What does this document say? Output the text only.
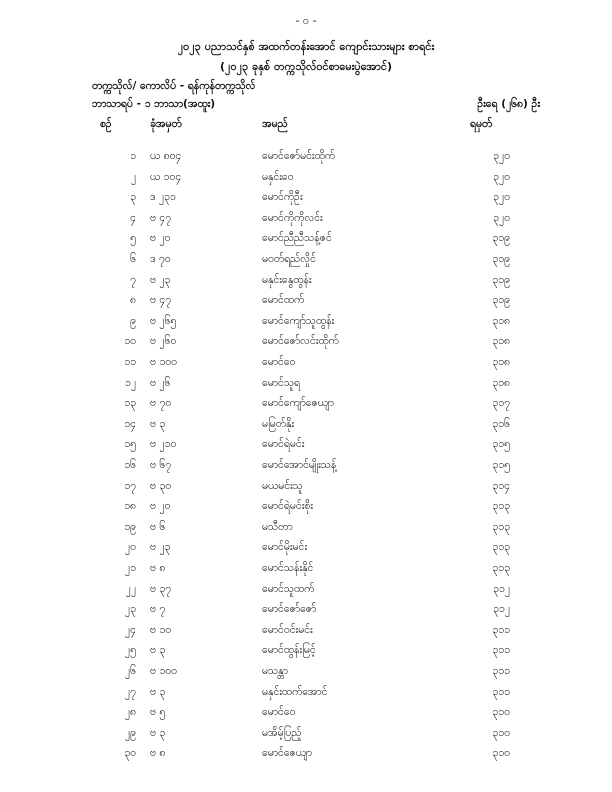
- ၀ -
၂၀၂၃ ပညာသင်နှစ် အထက်တန်းအောင် ကျောင်းသားများ စာရင်း
(၂၀၂၃ ခုနှစ် တက္ကသိုလ်ဝင်စာမေးပွဲအောင်)
တက္ကသိုလ်/ ကောလိပ် - ရန်ကုန်တက္ကသိုလ်
ဘာသာရပ် - ၁ ဘာသာ(အထူး)	ဦးရေ (၂၆၈) ဦး
စဉ်	ခုံအမှတ်	အမည်	ရမှတ်
၁ ယ ၈၀၄	မောင်ဇော်မင်းထိုက်	၃၂၀
၂ ယ ၁၀၄	မနှင်းဝေ	၃၂၀
၃ ဒ ၂၃၁	မောင်ကိုဦး	၃၂၀
၄ ဗ ၄၇	မောင်ကိုကိုလင်း	၃၂၀
၅ ဗ ၂၀	မောင်ညီညီသန့်ဇင်	၃၁၉
၆ ဒ ၇၀	မဝတ်ရည်လှိုင်	၃၁၉
၇ ဗ ၂၃	မနှင်းနွေထွန်း	၃၁၉
၈ ဗ ၄၇	မောင်ထက်	၃၁၉
၉ ဗ ၂၆၅	မောင်ကျော်သူထွန်း	၃၁၈
၁၀ ဗ ၂၆၀	မောင်ဇော်လင်းထိုက်	၃၁၈
၁၁ ဗ ၁၀၀	မောင်ဝေ	၃၁၈
၁၂ ဗ ၂၆	မောင်သူရ	၃၁၈
၁၃ ဗ ၇၀	မောင်ကျော်ဇေယျာ	၃၁၇
၁၄ ဗ ၃	မမြတ်နိုး	၃၁၆
၁၅ ဗ ၂၁၀	မောင်ရဲမင်း	၃၁၅
၁၆ ဗ ၆၇	မောင်အောင်မျိုးသန့်	၃၁၅
၁၇ ဗ ၃၀	မယမင်းသူ	၃၁၄
၁၈ ဗ ၂၀	မောင်ရဲမင်းစိုး	၃၁၃
၁၉ ဗ ၆	မသီတာ	၃၁၃
၂၀ ဗ ၂၃	မောင်မိုးမင်း	၃၁၃
၂၁ ဗ ၈	မောင်သန်းနိုင်	၃၁၃
၂၂ ဗ ၃၇	မောင်သူထက်	၃၁၂
၂၃ ဗ ၇	မောင်ဇော်ဇော်	၃၁၂
၂၄ ဗ ၁၀	မောင်ဝင်းမင်း	၃၁၁
၂၅ ဗ ၃	မောင်ထွန်းမြင့်	၃၁၁
၂၆ ဗ ၁၀၀	မသန္တာ	၃၁၁
၂၇ ဗ ၃	မနှင်းထက်အောင်	၃၁၁
၂၈ ဗ ၅	မောင်ဝေ	၃၁၀
၂၉ ဗ ၃	မအိမ့်ပြည့်	၃၁၀
၃၀ ဗ ၈	မောင်ဇေယျာ	၃၁၀
